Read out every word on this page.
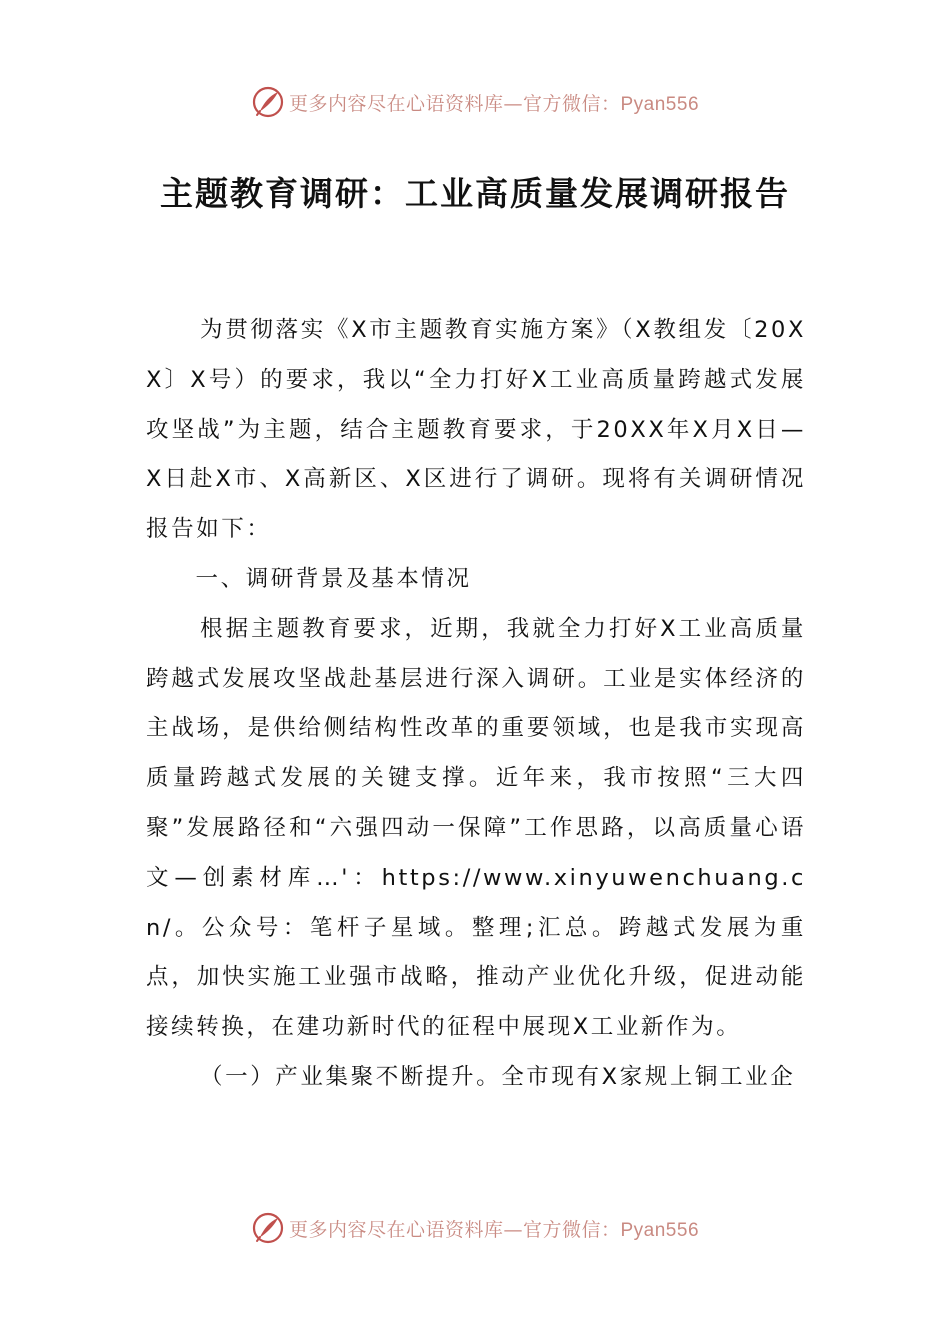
更多内容尽在心语资料库—官方微信：Pyan556
主题教育调研：工业高质量发展调研报告

为贯彻落实《X市主题教育实施方案》（X教组发〔20XX〕X号）的要求，我以“全力打好X工业高质量跨越式发展攻坚战”为主题，结合主题教育要求，于20XX年X月X日—X日赴X市、X高新区、X区进行了调研。现将有关调研情况报告如下：

一、调研背景及基本情况

根据主题教育要求，近期，我就全力打好X工业高质量跨越式发展攻坚战赴基层进行深入调研。工业是实体经济的主战场，是供给侧结构性改革的重要领域，也是我市实现高质量跨越式发展的关键支撑。近年来，我市按照“三大四聚”发展路径和“六强四动一保障”工作思路，以高质量心语文—创素材库…'：https://www.xinyuwenchuang.cn/。公众号：笔杆子星域。整理;汇总。跨越式发展为重点，加快实施工业强市战略，推动产业优化升级，促进动能接续转换，在建功新时代的征程中展现X工业新作为。

（一）产业集聚不断提升。全市现有X家规上铜工业企

更多内容尽在心语资料库—官方微信：Pyan556
